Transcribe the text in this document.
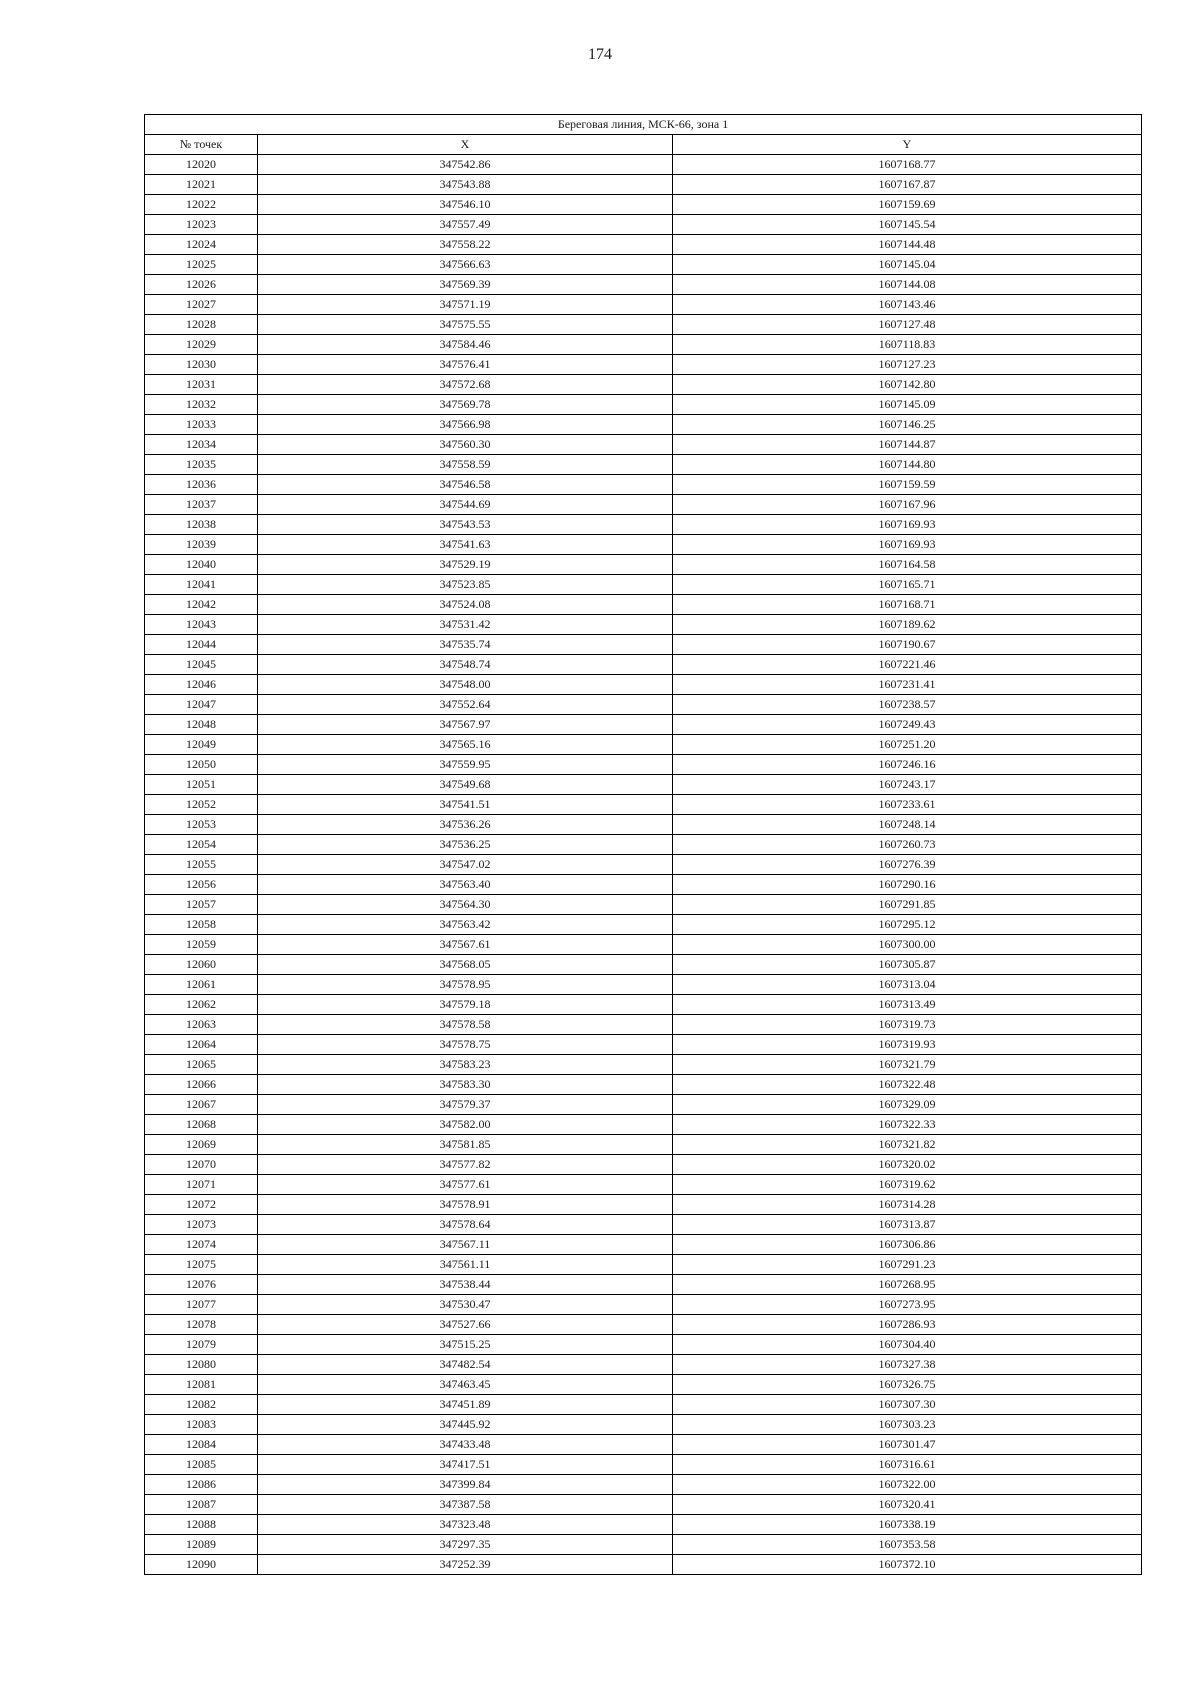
174
Береговая линия, МСК-66, зона 1		
№ точек	X	Y
12020	347542.86	1607168.77
12021	347543.88	1607167.87
12022	347546.10	1607159.69
12023	347557.49	1607145.54
12024	347558.22	1607144.48
12025	347566.63	1607145.04
12026	347569.39	1607144.08
12027	347571.19	1607143.46
12028	347575.55	1607127.48
12029	347584.46	1607118.83
12030	347576.41	1607127.23
12031	347572.68	1607142.80
12032	347569.78	1607145.09
12033	347566.98	1607146.25
12034	347560.30	1607144.87
12035	347558.59	1607144.80
12036	347546.58	1607159.59
12037	347544.69	1607167.96
12038	347543.53	1607169.93
12039	347541.63	1607169.93
12040	347529.19	1607164.58
12041	347523.85	1607165.71
12042	347524.08	1607168.71
12043	347531.42	1607189.62
12044	347535.74	1607190.67
12045	347548.74	1607221.46
12046	347548.00	1607231.41
12047	347552.64	1607238.57
12048	347567.97	1607249.43
12049	347565.16	1607251.20
12050	347559.95	1607246.16
12051	347549.68	1607243.17
12052	347541.51	1607233.61
12053	347536.26	1607248.14
12054	347536.25	1607260.73
12055	347547.02	1607276.39
12056	347563.40	1607290.16
12057	347564.30	1607291.85
12058	347563.42	1607295.12
12059	347567.61	1607300.00
12060	347568.05	1607305.87
12061	347578.95	1607313.04
12062	347579.18	1607313.49
12063	347578.58	1607319.73
12064	347578.75	1607319.93
12065	347583.23	1607321.79
12066	347583.30	1607322.48
12067	347579.37	1607329.09
12068	347582.00	1607322.33
12069	347581.85	1607321.82
12070	347577.82	1607320.02
12071	347577.61	1607319.62
12072	347578.91	1607314.28
12073	347578.64	1607313.87
12074	347567.11	1607306.86
12075	347561.11	1607291.23
12076	347538.44	1607268.95
12077	347530.47	1607273.95
12078	347527.66	1607286.93
12079	347515.25	1607304.40
12080	347482.54	1607327.38
12081	347463.45	1607326.75
12082	347451.89	1607307.30
12083	347445.92	1607303.23
12084	347433.48	1607301.47
12085	347417.51	1607316.61
12086	347399.84	1607322.00
12087	347387.58	1607320.41
12088	347323.48	1607338.19
12089	347297.35	1607353.58
12090	347252.39	1607372.10
